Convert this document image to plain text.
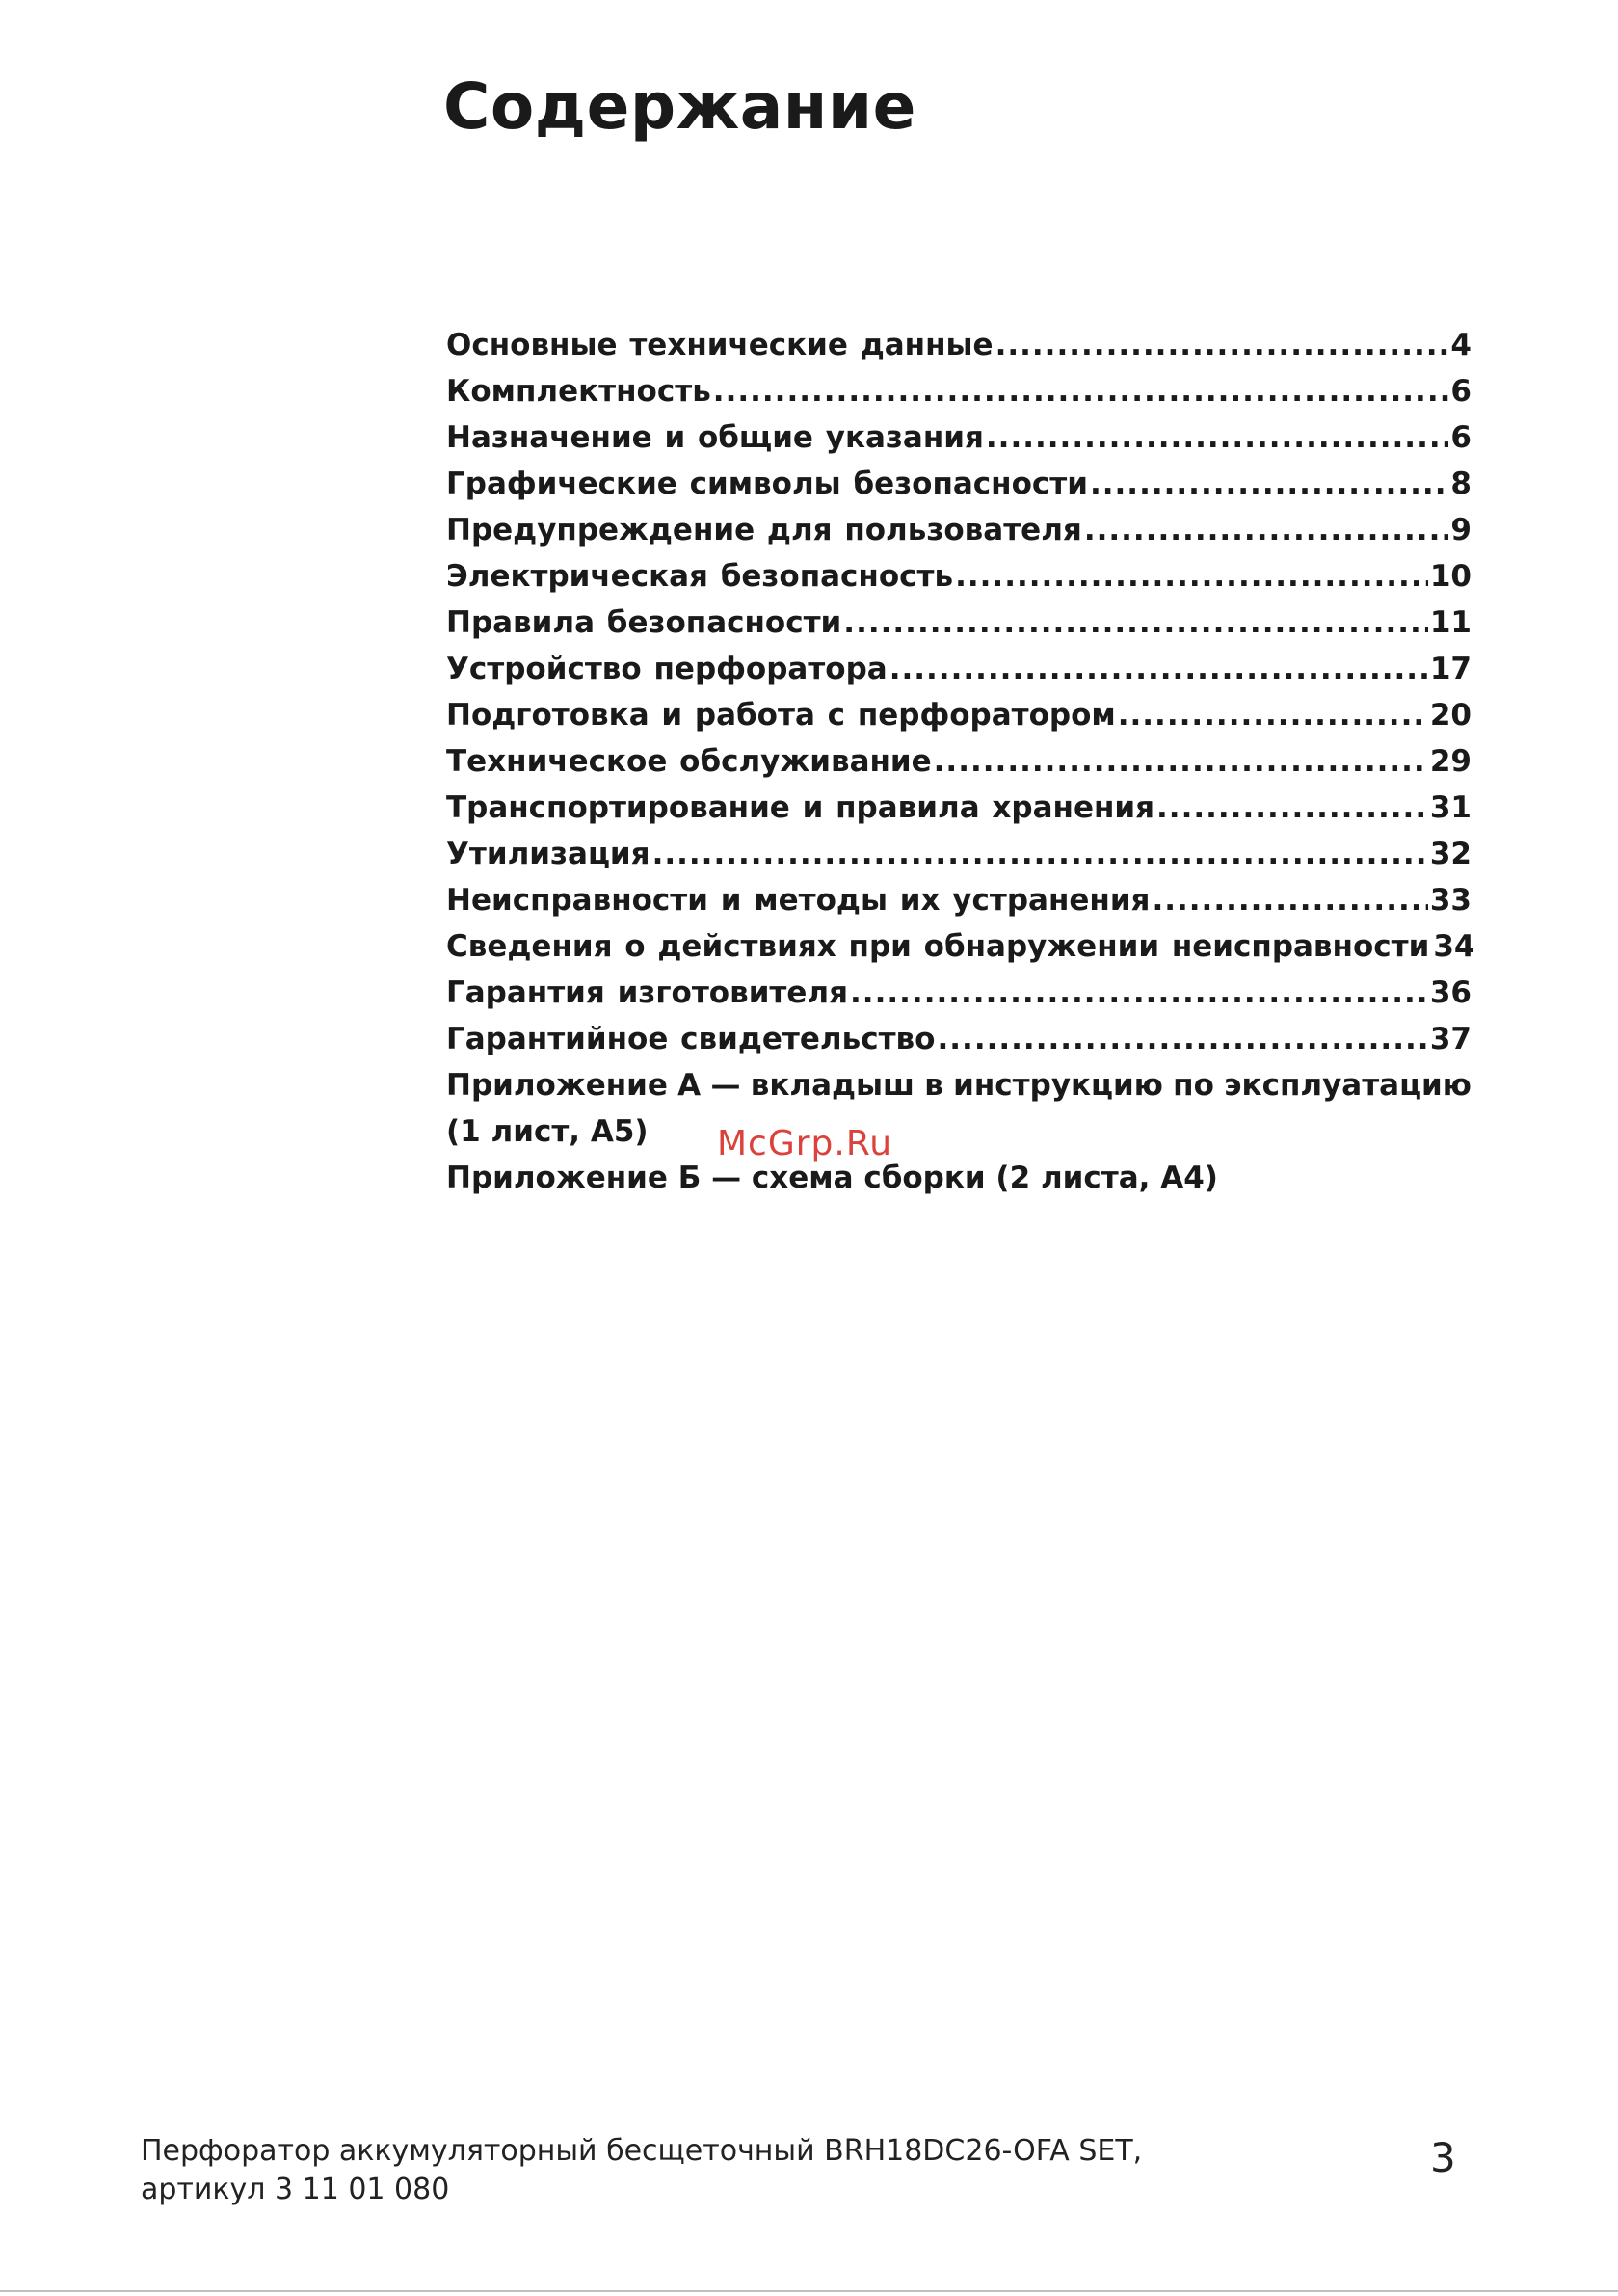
Содержание
Основные технические данные .....	4
Комплектность .....	6
Назначение и общие указания .....	6
Графические символы безопасности .....	8
Предупреждение для пользователя .....	9
Электрическая безопасность .....	10
Правила безопасности .....	11
Устройство перфоратора .....	17
Подготовка и работа с перфоратором .....	20
Техническое обслуживание .....	29
Транспортирование и правила хранения .....	31
Утилизация .....	32
Неисправности и методы их устранения .....	33
Сведения о действиях при обнаружении неисправности 34
Гарантия изготовителя .....	36
Гарантийное свидетельство .....	37
Приложение А — вкладыш в инструкцию по эксплуатацию
(1 лист, А5)
Приложение Б — схема сборки (2 листа, А4)
McGrp.Ru
Перфоратор аккумуляторный бесщеточный BRH18DC26-OFA SET,
артикул 3 11 01 080
3
